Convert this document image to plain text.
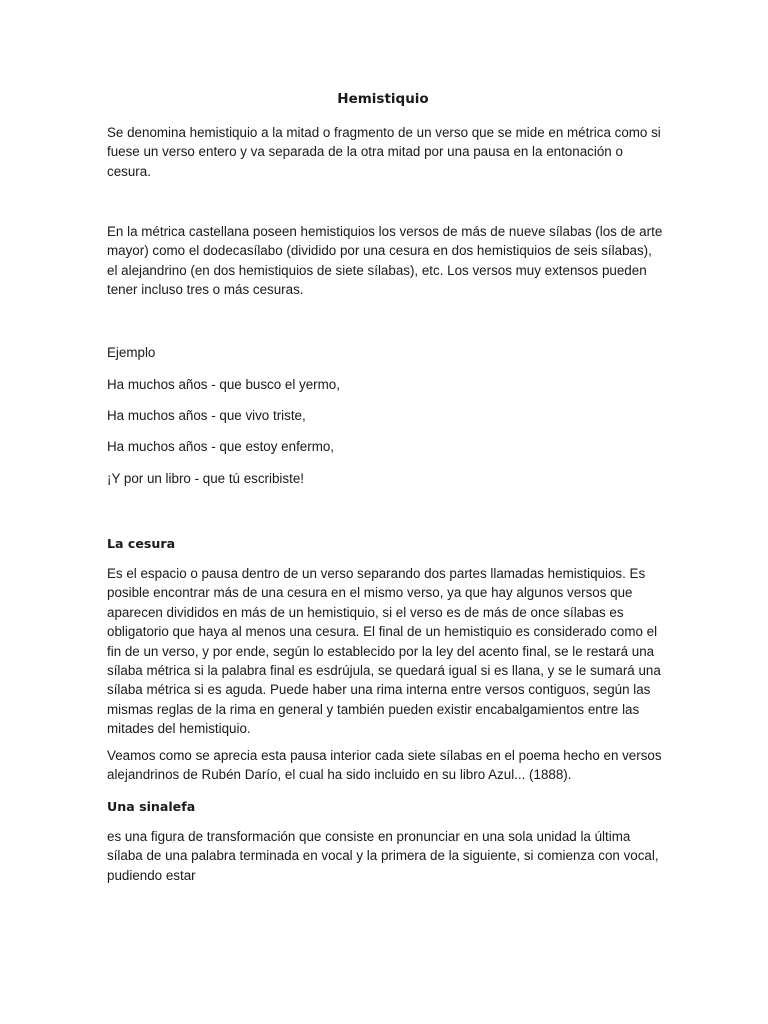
Hemistiquio

Se denomina hemistiquio a la mitad o fragmento de un verso que se mide en métrica como si fuese un verso entero y va separada de la otra mitad por una pausa en la entonación o cesura.

En la métrica castellana poseen hemistiquios los versos de más de nueve sílabas (los de arte mayor) como el dodecasílabo (dividido por una cesura en dos hemistiquios de seis sílabas), el alejandrino (en dos hemistiquios de siete sílabas), etc. Los versos muy extensos pueden tener incluso tres o más cesuras.

Ejemplo

Ha muchos años - que busco el yermo,

Ha muchos años - que vivo triste,

Ha muchos años - que estoy enfermo,

¡Y por un libro - que tú escribiste!

La cesura

Es el espacio o pausa dentro de un verso separando dos partes llamadas hemistiquios. Es posible encontrar más de una cesura en el mismo verso, ya que hay algunos versos que aparecen divididos en más de un hemistiquio, si el verso es de más de once sílabas es obligatorio que haya al menos una cesura. El final de un hemistiquio es considerado como el fin de un verso, y por ende, según lo establecido por la ley del acento final, se le restará una sílaba métrica si la palabra final es esdrújula, se quedará igual si es llana, y se le sumará una sílaba métrica si es aguda. Puede haber una rima interna entre versos contiguos, según las mismas reglas de la rima en general y también pueden existir encabalgamientos entre las mitades del hemistiquio.

Veamos como se aprecia esta pausa interior cada siete sílabas en el poema hecho en versos alejandrinos de Rubén Darío, el cual ha sido incluido en su libro Azul... (1888).

Una sinalefa

es una figura de transformación que consiste en pronunciar en una sola unidad la última sílaba de una palabra terminada en vocal y la primera de la siguiente, si comienza con vocal, pudiendo estar
